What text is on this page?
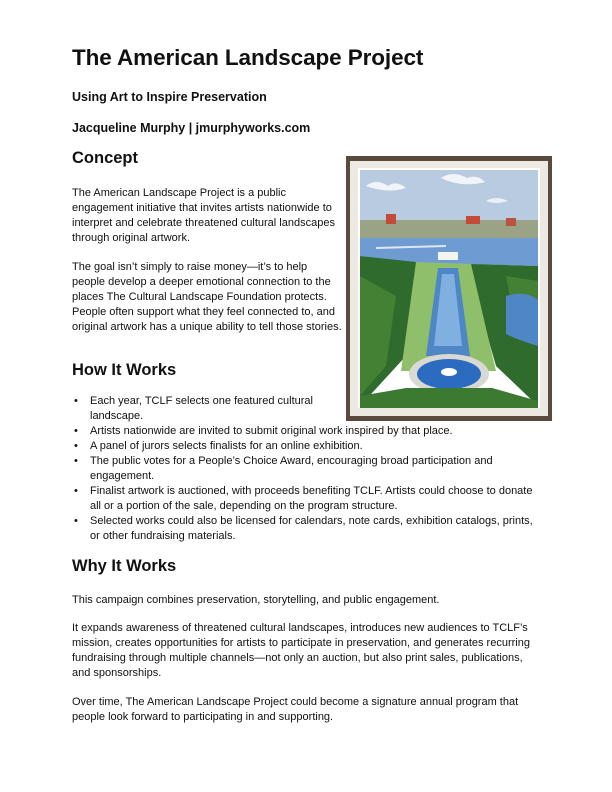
The American Landscape Project
Using Art to Inspire Preservation
Jacqueline Murphy | jmurphyworks.com
Concept
The American Landscape Project is a public engagement initiative that invites artists nationwide to interpret and celebrate threatened cultural landscapes through original artwork.
The goal isn’t simply to raise money—it’s to help people develop a deeper emotional connection to the places The Cultural Landscape Foundation protects. People often support what they feel connected to, and original artwork has a unique ability to tell those stories.
How It Works
• Each year, TCLF selects one featured cultural landscape.
• Artists nationwide are invited to submit original work inspired by that place.
• A panel of jurors selects finalists for an online exhibition.
• The public votes for a People’s Choice Award, encouraging broad participation and engagement.
• Finalist artwork is auctioned, with proceeds benefiting TCLF. Artists could choose to donate all or a portion of the sale, depending on the program structure.
• Selected works could also be licensed for calendars, note cards, exhibition catalogs, prints, or other fundraising materials.
Why It Works
This campaign combines preservation, storytelling, and public engagement.
It expands awareness of threatened cultural landscapes, introduces new audiences to TCLF’s mission, creates opportunities for artists to participate in preservation, and generates recurring fundraising through multiple channels—not only an auction, but also print sales, publications, and sponsorships.
Over time, The American Landscape Project could become a signature annual program that people look forward to participating in and supporting.
